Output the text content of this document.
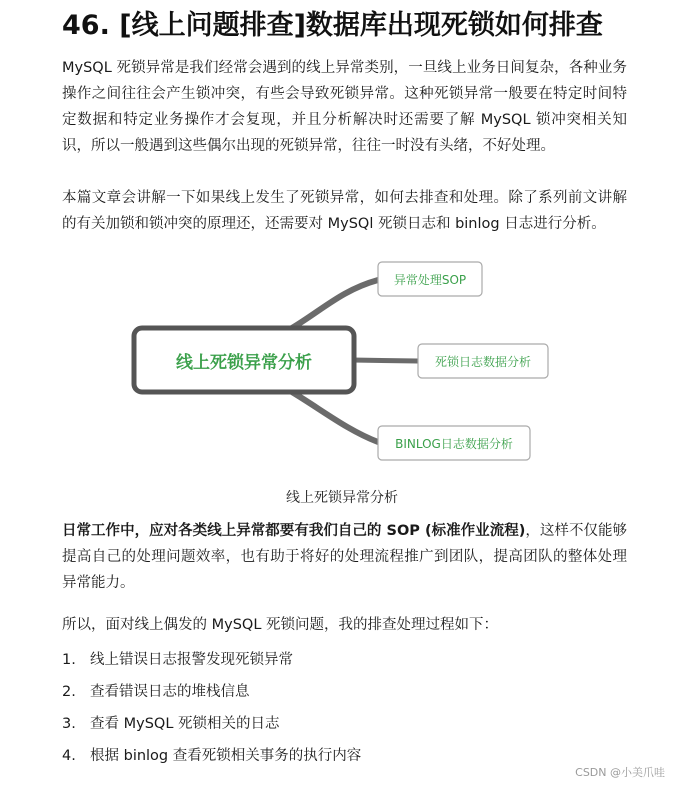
46. [线上问题排查]数据库出现死锁如何排查

MySQL 死锁异常是我们经常会遇到的线上异常类别，一旦线上业务日间复杂，各种业务操作之间往往会产生锁冲突，有些会导致死锁异常。这种死锁异常一般要在特定时间特定数据和特定业务操作才会复现，并且分析解决时还需要了解 MySQL 锁冲突相关知识，所以一般遇到这些偶尔出现的死锁异常，往往一时没有头绪，不好处理。

本篇文章会讲解一下如果线上发生了死锁异常，如何去排查和处理。除了系列前文讲解的有关加锁和锁冲突的原理还，还需要对 MySQl 死锁日志和 binlog 日志进行分析。

线上死锁异常分析
异常处理SOP
死锁日志数据分析
BINLOG日志数据分析
线上死锁异常分析

日常工作中，应对各类线上异常都要有我们自己的 SOP (标准作业流程)，这样不仅能够提高自己的处理问题效率，也有助于将好的处理流程推广到团队，提高团队的整体处理异常能力。

所以，面对线上偶发的 MySQL 死锁问题，我的排查处理过程如下：

1. 线上错误日志报警发现死锁异常
2. 查看错误日志的堆栈信息
3. 查看 MySQL 死锁相关的日志
4. 根据 binlog 查看死锁相关事务的执行内容
CSDN @小美爪哇
